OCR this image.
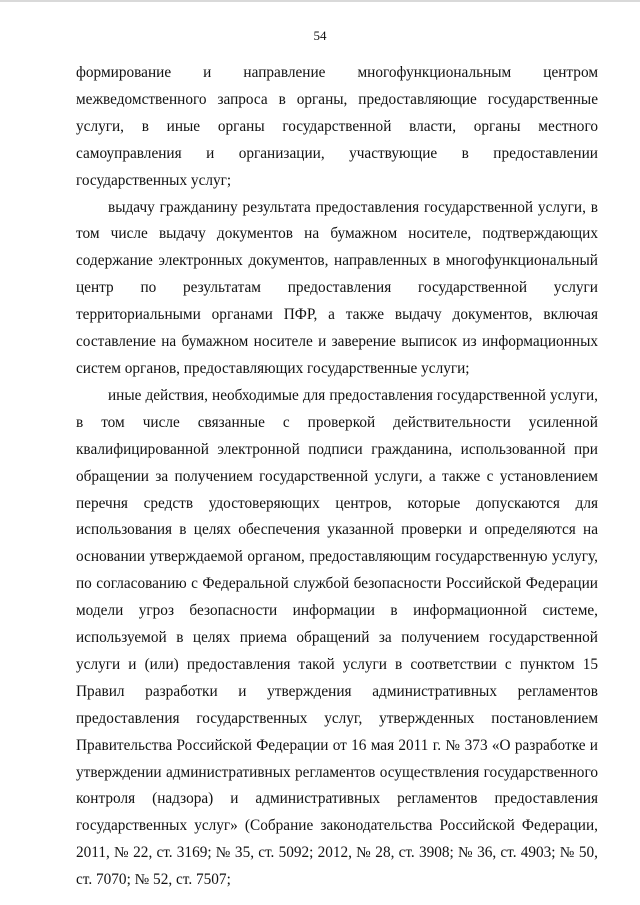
54

формирование и направление многофункциональным центром межведомственного запроса в органы, предоставляющие государственные услуги, в иные органы государственной власти, органы местного самоуправления и организации, участвующие в предоставлении государственных услуг;

выдачу гражданину результата предоставления государственной услуги, в том числе выдачу документов на бумажном носителе, подтверждающих содержание электронных документов, направленных в многофункциональный центр по результатам предоставления государственной услуги территориальными органами ПФР, а также выдачу документов, включая составление на бумажном носителе и заверение выписок из информационных систем органов, предоставляющих государственные услуги;

иные действия, необходимые для предоставления государственной услуги, в том числе связанные с проверкой действительности усиленной квалифицированной электронной подписи гражданина, использованной при обращении за получением государственной услуги, а также с установлением перечня средств удостоверяющих центров, которые допускаются для использования в целях обеспечения указанной проверки и определяются на основании утверждаемой органом, предоставляющим государственную услугу, по согласованию с Федеральной службой безопасности Российской Федерации модели угроз безопасности информации в информационной системе, используемой в целях приема обращений за получением государственной услуги и (или) предоставления такой услуги в соответствии с пунктом 15 Правил разработки и утверждения административных регламентов предоставления государственных услуг, утвержденных постановлением Правительства Российской Федерации от 16 мая 2011 г. № 373 «О разработке и утверждении административных регламентов осуществления государственного контроля (надзора) и административных регламентов предоставления государственных услуг» (Собрание законодательства Российской Федерации, 2011, № 22, ст. 3169; № 35, ст. 5092; 2012, № 28, ст. 3908; № 36, ст. 4903; № 50, ст. 7070; № 52, ст. 7507;
